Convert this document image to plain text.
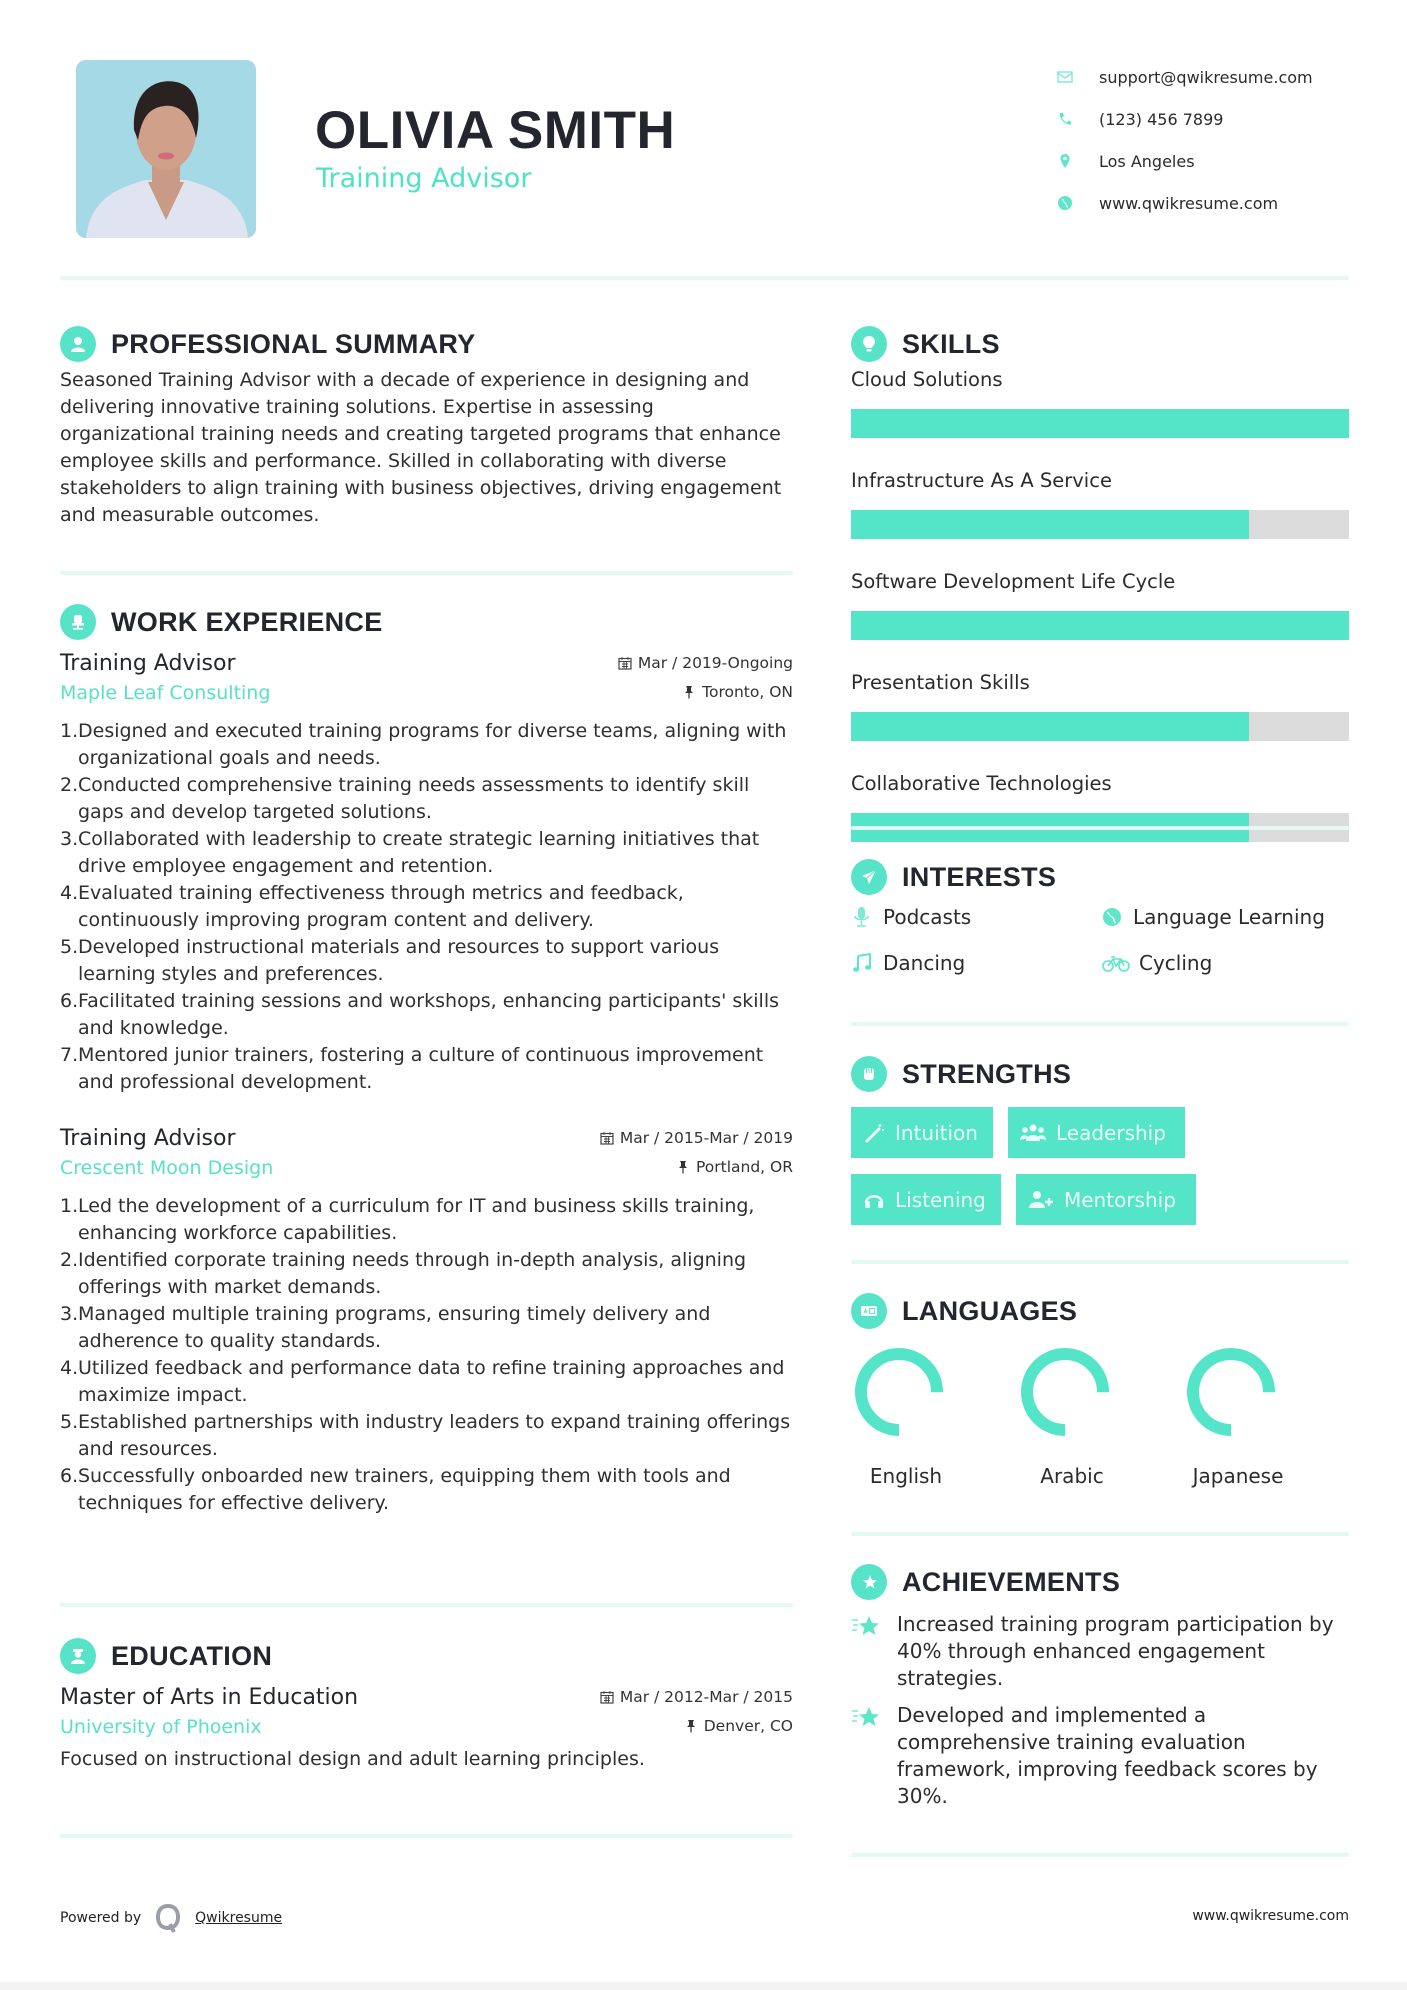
OLIVIA SMITH
Training Advisor
support@qwikresume.com
(123) 456 7899
Los Angeles
www.qwikresume.com
PROFESSIONAL SUMMARY

Seasoned Training Advisor with a decade of experience in designing and delivering innovative training solutions. Expertise in assessing organizational training needs and creating targeted programs that enhance employee skills and performance. Skilled in collaborating with diverse stakeholders to align training with business objectives, driving engagement and measurable outcomes.

WORK EXPERIENCE
Training Advisor	Mar / 2019-Ongoing
Maple Leaf Consulting	Toronto, ON
1. Designed and executed training programs for diverse teams, aligning with organizational goals and needs.
2. Conducted comprehensive training needs assessments to identify skill gaps and develop targeted solutions.
3. Collaborated with leadership to create strategic learning initiatives that drive employee engagement and retention.
4. Evaluated training effectiveness through metrics and feedback, continuously improving program content and delivery.
5. Developed instructional materials and resources to support various learning styles and preferences.
6. Facilitated training sessions and workshops, enhancing participants' skills and knowledge.
7. Mentored junior trainers, fostering a culture of continuous improvement and professional development.
Training Advisor	Mar / 2015-Mar / 2019
Crescent Moon Design	Portland, OR
1. Led the development of a curriculum for IT and business skills training, enhancing workforce capabilities.
2. Identified corporate training needs through in-depth analysis, aligning offerings with market demands.
3. Managed multiple training programs, ensuring timely delivery and adherence to quality standards.
4. Utilized feedback and performance data to refine training approaches and maximize impact.
5. Established partnerships with industry leaders to expand training offerings and resources.
6. Successfully onboarded new trainers, equipping them with tools and techniques for effective delivery.
EDUCATION
Master of Arts in Education	Mar / 2012-Mar / 2015
University of Phoenix	Denver, CO

Focused on instructional design and adult learning principles.

SKILLS
Cloud Solutions
Infrastructure As A Service
Software Development Life Cycle
Presentation Skills
Collaborative Technologies
INTERESTS
Podcasts	Language Learning
Dancing	Cycling
STRENGTHS
Intuition	Leadership
Listening	Mentorship
LANGUAGES
English	Arabic	Japanese
ACHIEVEMENTS
Increased training program participation by 40% through enhanced engagement strategies.
Developed and implemented a comprehensive training evaluation framework, improving feedback scores by 30%.
Powered by	Qwikresume	www.qwikresume.com
